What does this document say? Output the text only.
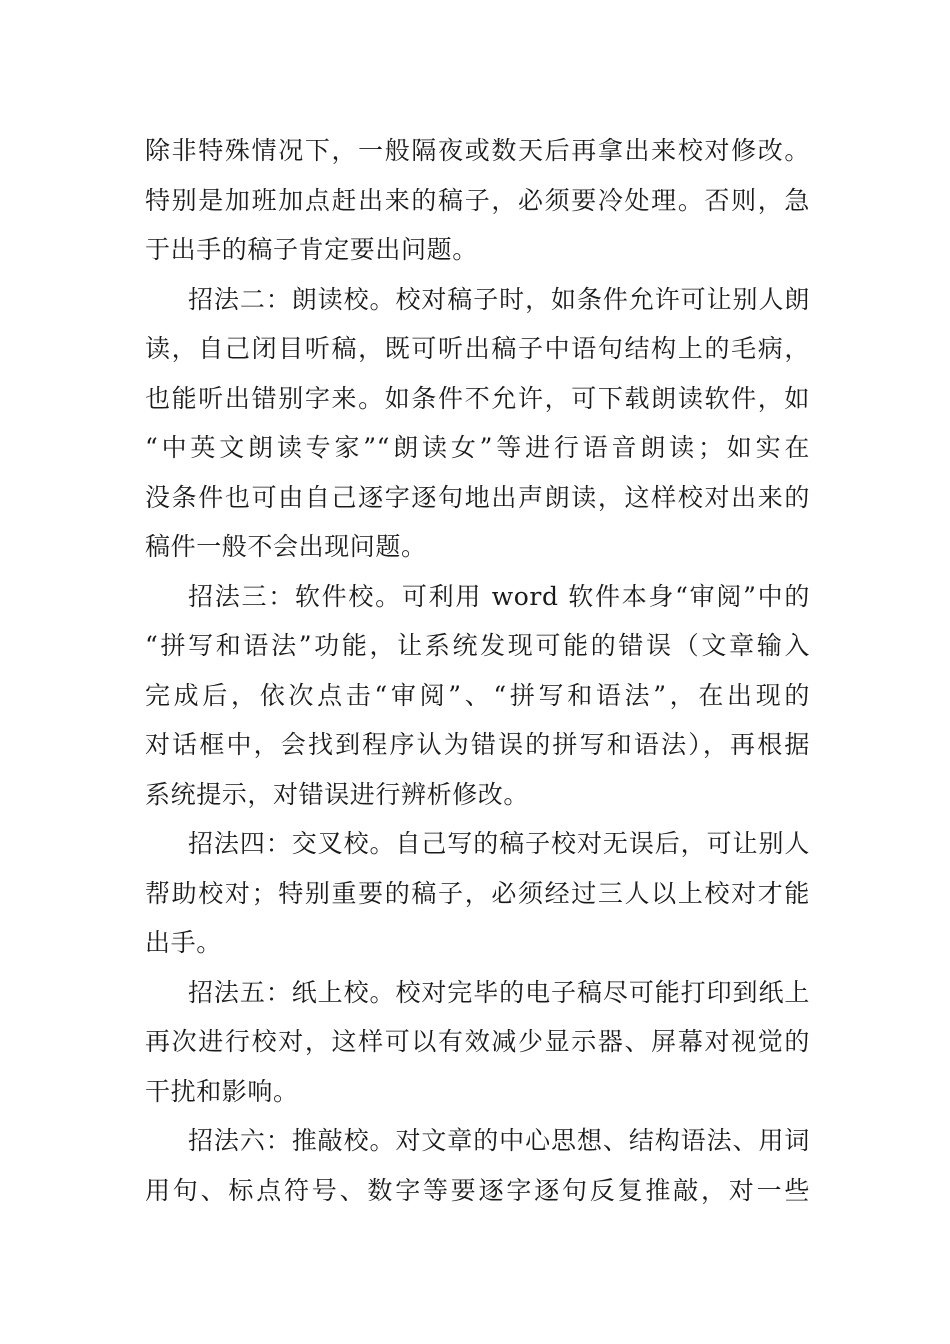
除非特殊情况下，一般隔夜或数天后再拿出来校对修改。
特别是加班加点赶出来的稿子，必须要冷处理。否则，急
于出手的稿子肯定要出问题。
招法二：朗读校。校对稿子时，如条件允许可让别人朗
读，自己闭目听稿，既可听出稿子中语句结构上的毛病，
也能听出错别字来。如条件不允许，可下载朗读软件，如
“中英文朗读专家”“朗读女”等进行语音朗读；如实在
没条件也可由自己逐字逐句地出声朗读，这样校对出来的
稿件一般不会出现问题。
招法三：软件校。可利用 word 软件本身“审阅”中的
“拼写和语法”功能，让系统发现可能的错误（文章输入
完成后，依次点击“审阅”、“拼写和语法”，在出现的
对话框中，会找到程序认为错误的拼写和语法），再根据
系统提示，对错误进行辨析修改。
招法四：交叉校。自己写的稿子校对无误后，可让别人
帮助校对；特别重要的稿子，必须经过三人以上校对才能
出手。
招法五：纸上校。校对完毕的电子稿尽可能打印到纸上
再次进行校对，这样可以有效减少显示器、屏幕对视觉的
干扰和影响。
招法六：推敲校。对文章的中心思想、结构语法、用词
用句、标点符号、数字等要逐字逐句反复推敲，对一些
